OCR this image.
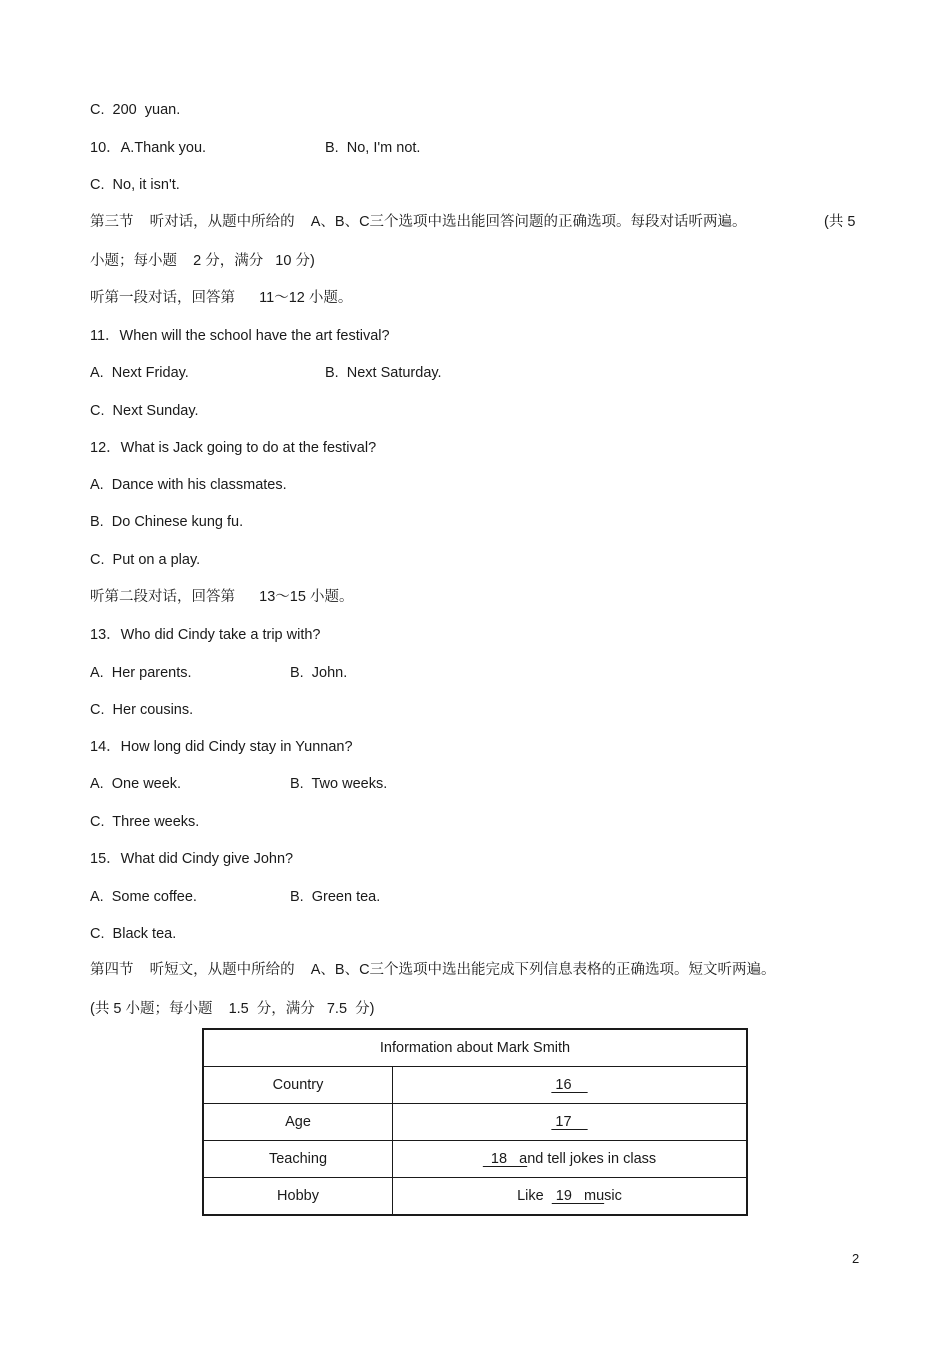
C.  200  yuan.
10．A.Thank you.	B.  No, I'm not.
C.  No, it isn't.
第三节    听对话，从题中所给的    A、B、C三个选项中选出能回答问题的正确选项。每段对话听两遍。	(共 5
小题；每小题    2 分，满分   10 分)
听第一段对话，回答第      11～12 小题。
11．When will the school have the art festival?
A.  Next Friday.	B.  Next Saturday.
C.  Next Sunday.
12．What is Jack going to do at the festival?
A.  Dance with his classmates.
B.  Do Chinese kung fu.
C.  Put on a play.
听第二段对话，回答第      13～15 小题。
13．Who did Cindy take a trip with?
A.  Her parents.	B.  John.
C.  Her cousins.
14．How long did Cindy stay in Yunnan?
A.  One week.	B.  Two weeks.
C.  Three weeks.
15．What did Cindy give John?
A.  Some coffee.	B.  Green tea.
C.  Black tea.
第四节    听短文，从题中所给的    A、B、C三个选项中选出能完成下列信息表格的正确选项。短文听两遍。
(共 5 小题；每小题    1.5  分，满分   7.5  分)
Information about Mark Smith	
Country	16
Age	17
Teaching	18   and tell jokes in class
Hobby	Like   19   music
2
